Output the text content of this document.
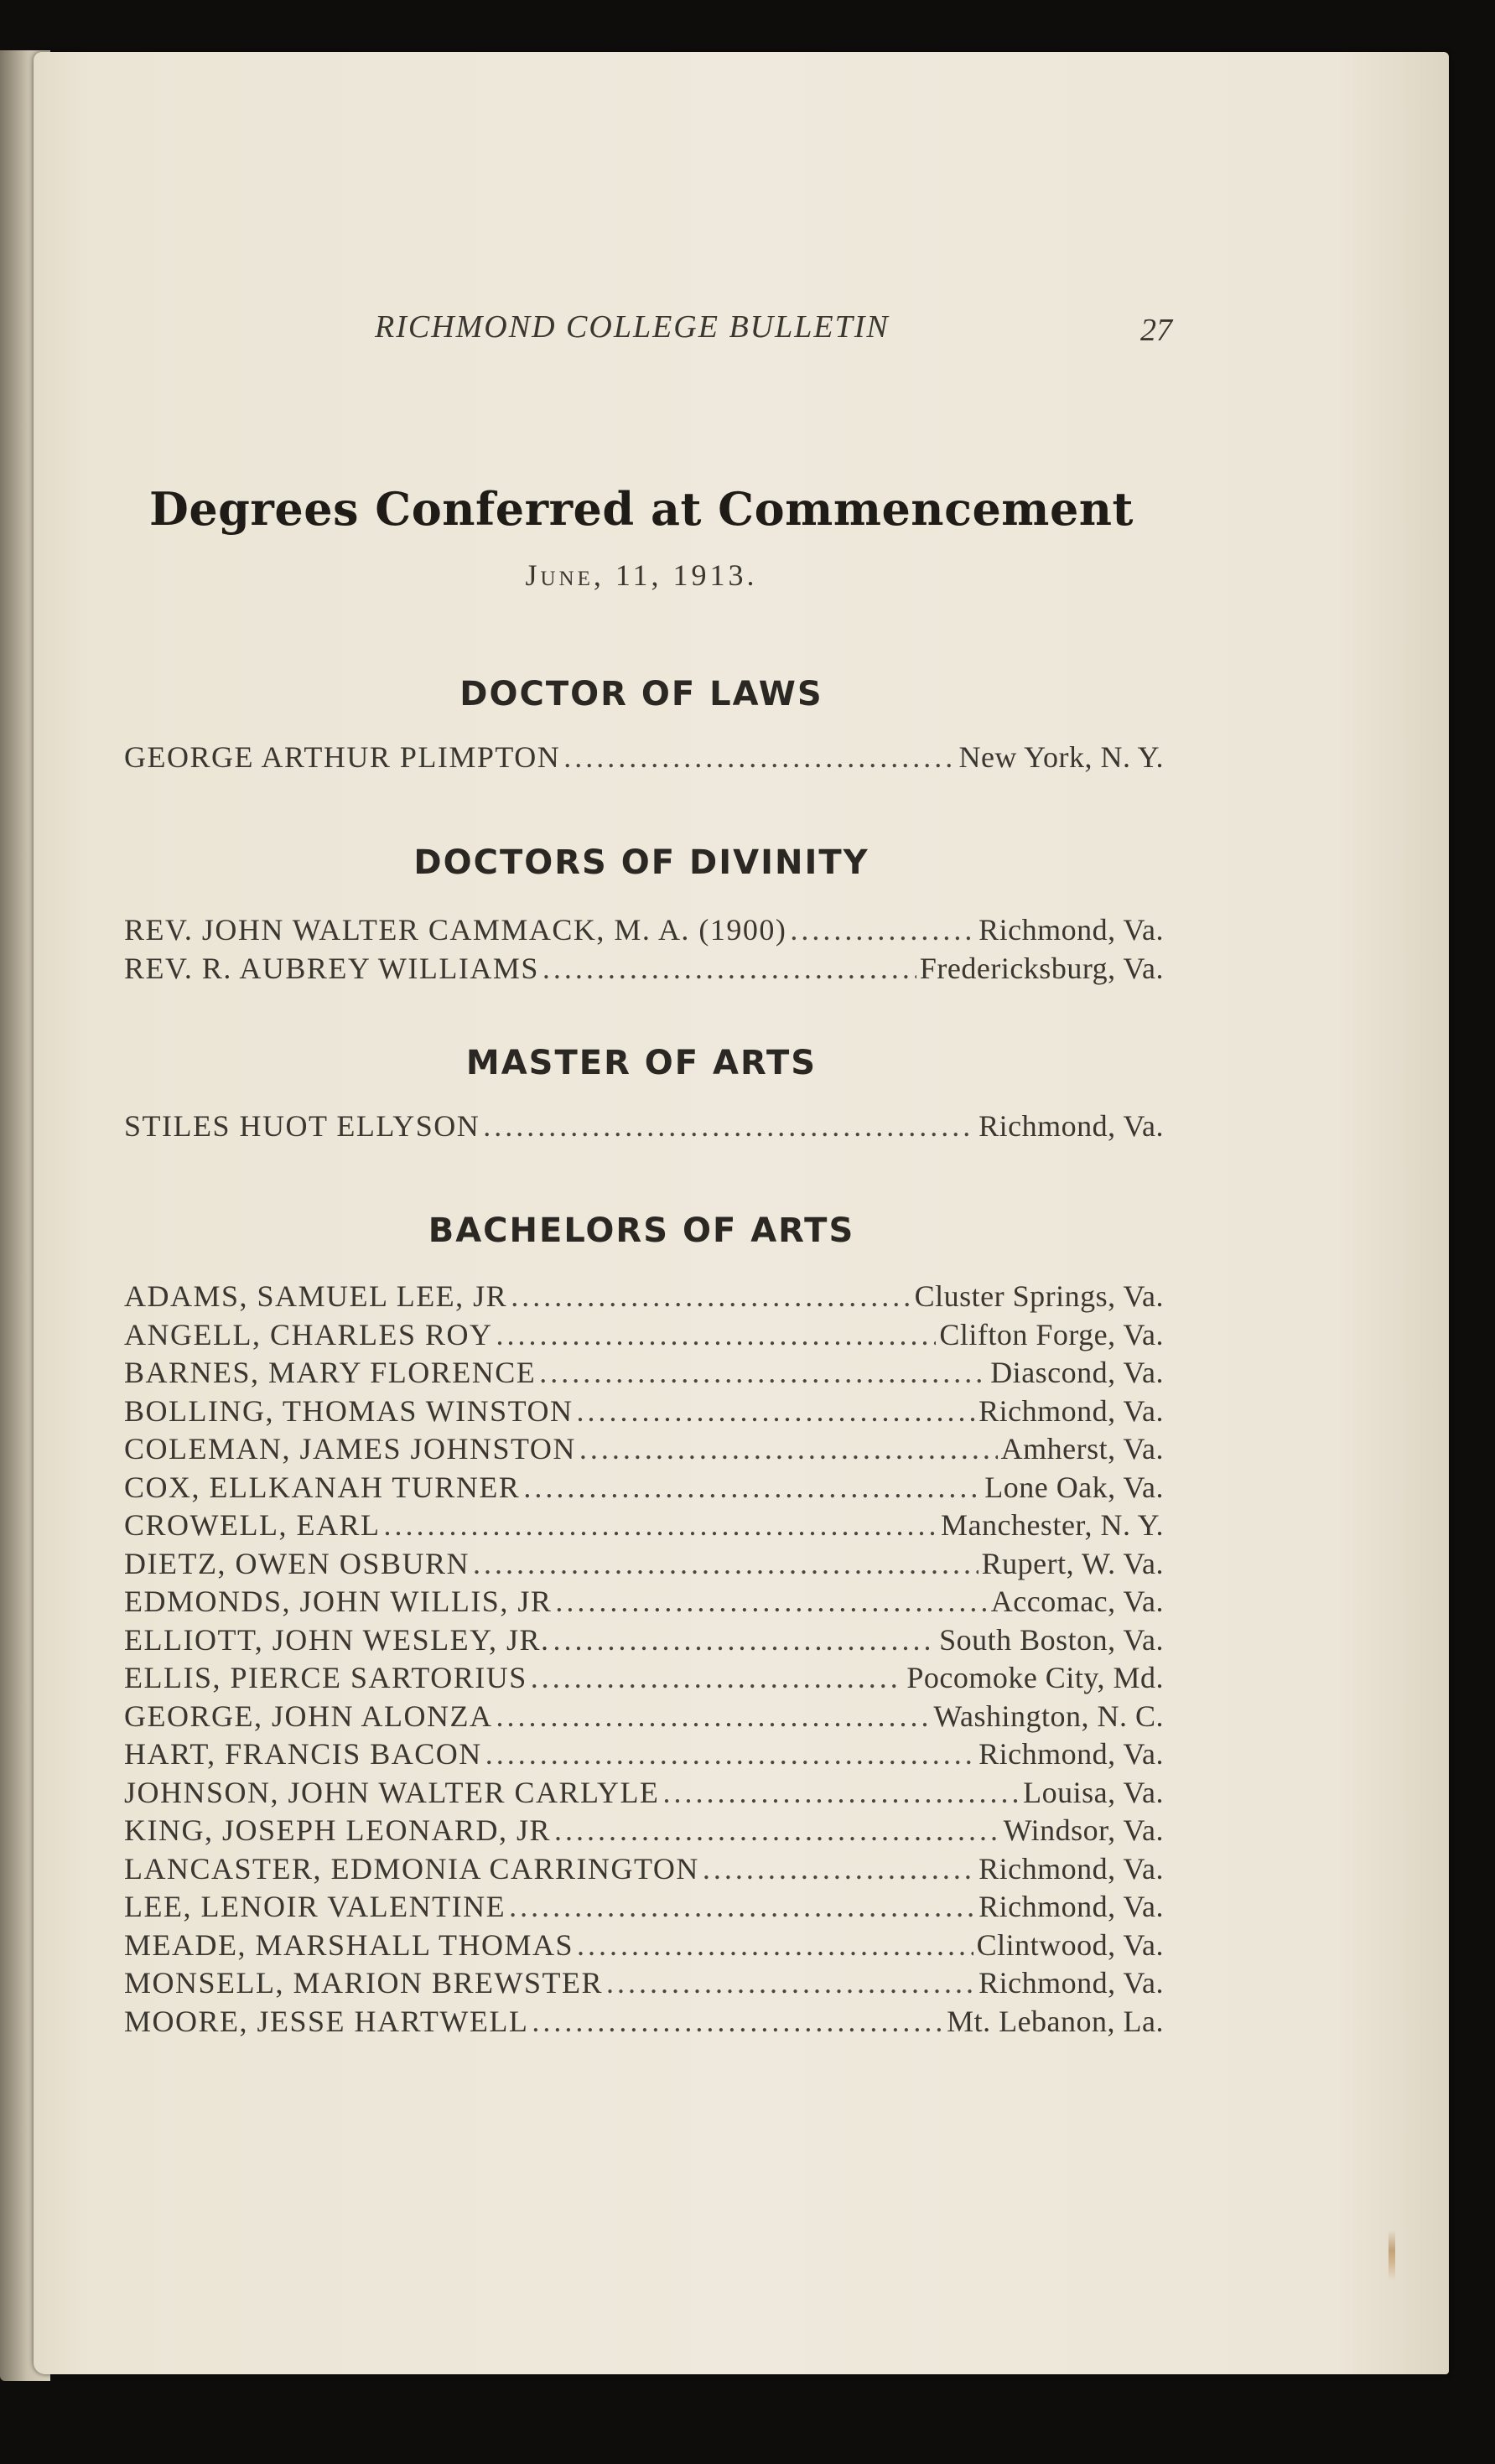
RICHMOND COLLEGE BULLETIN	27
Degrees Conferred at Commencement
June, 11, 1913.
DOCTOR OF LAWS
GEORGE ARTHUR PLIMPTON .....	New York, N. Y.
DOCTORS OF DIVINITY
REV. JOHN WALTER CAMMACK, M. A. (1900) .....	Richmond, Va.
REV. R. AUBREY WILLIAMS .....	Fredericksburg, Va.
MASTER OF ARTS
STILES HUOT ELLYSON .....	Richmond, Va.
BACHELORS OF ARTS
ADAMS, SAMUEL LEE, JR .....	Cluster Springs, Va.
ANGELL, CHARLES ROY .....	Clifton Forge, Va.
BARNES, MARY FLORENCE .....	Diascond, Va.
BOLLING, THOMAS WINSTON .....	Richmond, Va.
COLEMAN, JAMES JOHNSTON .....	Amherst, Va.
COX, ELLKANAH TURNER .....	Lone Oak, Va.
CROWELL, EARL .....	Manchester, N. Y.
DIETZ, OWEN OSBURN .....	Rupert, W. Va.
EDMONDS, JOHN WILLIS, JR .....	Accomac, Va.
ELLIOTT, JOHN WESLEY, JR. .....	South Boston, Va.
ELLIS, PIERCE SARTORIUS .....	Pocomoke City, Md.
GEORGE, JOHN ALONZA .....	Washington, N. C.
HART, FRANCIS BACON .....	Richmond, Va.
JOHNSON, JOHN WALTER CARLYLE .....	Louisa, Va.
KING, JOSEPH LEONARD, JR .....	Windsor, Va.
LANCASTER, EDMONIA CARRINGTON .....	Richmond, Va.
LEE, LENOIR VALENTINE .....	Richmond, Va.
MEADE, MARSHALL THOMAS .....	Clintwood, Va.
MONSELL, MARION BREWSTER .....	Richmond, Va.
MOORE, JESSE HARTWELL .....	Mt. Lebanon, La.
